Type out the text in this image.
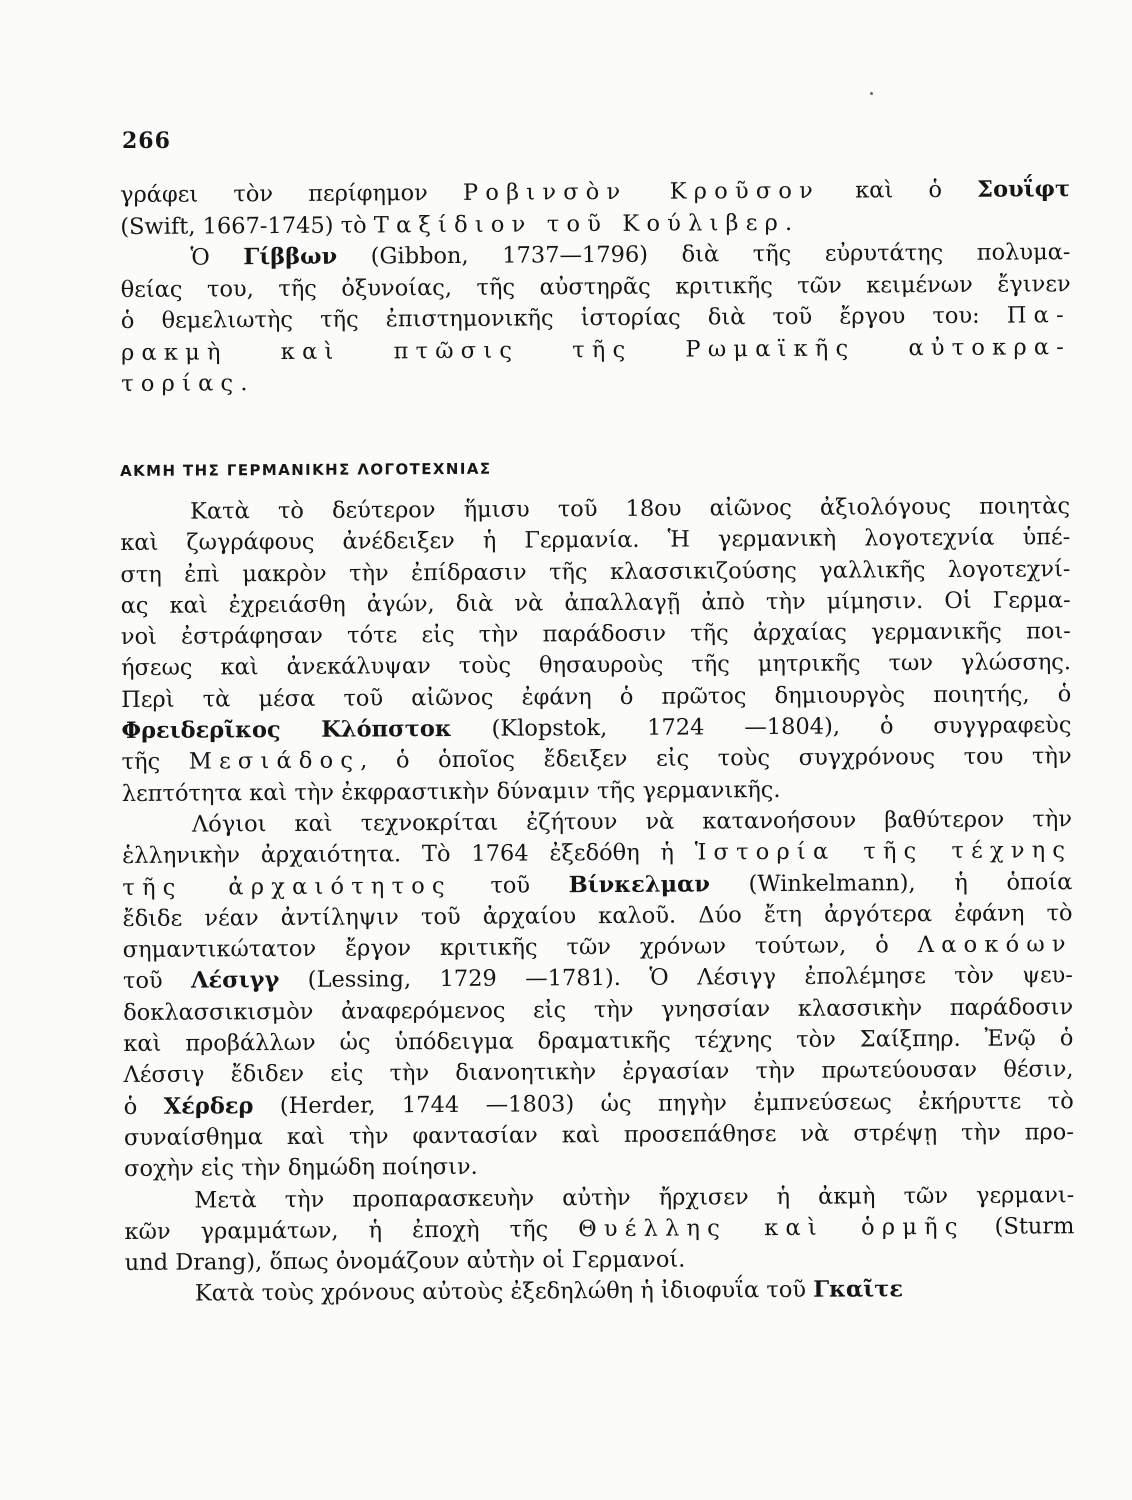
266
γράφει τὸν περίφημον Ροβινσὸν Κροῦσον καὶ ὁ Σουΐφτ
(Swift, 1667-1745) τὸ Ταξίδιον τοῦ Κούλιβερ.
Ὁ Γίββων (Gibbon, 1737—1796) διὰ τῆς εὐρυτάτης πολυμα-
θείας του, τῆς ὀξυνοίας, τῆς αὐστηρᾶς κριτικῆς τῶν κειμένων ἔγινεν
ὁ θεμελιωτὴς τῆς ἐπιστημονικῆς ἱστορίας διὰ τοῦ ἔργου του: Πα-
ρακμὴ καὶ πτῶσις τῆς Ρωμαϊκῆς αὐτοκρα-
τορίας.
ΑΚΜΗ ΤΗΣ ΓΕΡΜΑΝΙΚΗΣ ΛΟΓΟΤΕΧΝΙΑΣ
Κατὰ τὸ δεύτερον ἥμισυ τοῦ 18ου αἰῶνος ἀξιολόγους ποιητὰς
καὶ ζωγράφους ἀνέδειξεν ἡ Γερμανία. Ἡ γερμανικὴ λογοτεχνία ὑπέ-
στη ἐπὶ μακρὸν τὴν ἐπίδρασιν τῆς κλασσικιζούσης γαλλικῆς λογοτεχνί-
ας καὶ ἐχρειάσθη ἀγών, διὰ νὰ ἀπαλλαγῇ ἀπὸ τὴν μίμησιν. Οἱ Γερμα-
νοὶ ἐστράφησαν τότε εἰς τὴν παράδοσιν τῆς ἀρχαίας γερμανικῆς ποι-
ήσεως καὶ ἀνεκάλυψαν τοὺς θησαυροὺς τῆς μητρικῆς των γλώσσης.
Περὶ τὰ μέσα τοῦ αἰῶνος ἐφάνη ὁ πρῶτος δημιουργὸς ποιητής, ὁ
Φρειδερῖκος Κλόπστοκ (Klopstok, 1724 —1804), ὁ συγγραφεὺς
τῆς Μεσιάδος, ὁ ὁποῖος ἔδειξεν εἰς τοὺς συγχρόνους του τὴν
λεπτότητα καὶ τὴν ἐκφραστικὴν δύναμιν τῆς γερμανικῆς.
Λόγιοι καὶ τεχνοκρίται ἐζήτουν νὰ κατανοήσουν βαθύτερον τὴν
ἑλληνικὴν ἀρχαιότητα. Τὸ 1764 ἐξεδόθη ἡ Ἱστορία τῆς τέχνης
τῆς ἀρχαιότητος τοῦ Βίνκελμαν (Winkelmann), ἡ ὁποία
ἔδιδε νέαν ἀντίληψιν τοῦ ἀρχαίου καλοῦ. Δύο ἔτη ἀργότερα ἐφάνη τὸ
σημαντικώτατον ἔργον κριτικῆς τῶν χρόνων τούτων, ὁ Λαοκόων
τοῦ Λέσιγγ (Lessing, 1729 —1781). Ὁ Λέσιγγ ἐπολέμησε τὸν ψευ-
δοκλασσικισμὸν ἀναφερόμενος εἰς τὴν γνησσίαν κλασσικὴν παράδοσιν
καὶ προβάλλων ὡς ὑπόδειγμα δραματικῆς τέχνης τὸν Σαίξπηρ. Ἐνῷ ὁ
Λέσσιγ ἔδιδεν εἰς τὴν διανοητικὴν ἐργασίαν τὴν πρωτεύουσαν θέσιν,
ὁ Χέρδερ (Herder, 1744 —1803) ὡς πηγὴν ἐμπνεύσεως ἐκήρυττε τὸ
συναίσθημα καὶ τὴν φαντασίαν καὶ προσεπάθησε νὰ στρέψῃ τὴν προ-
σοχὴν εἰς τὴν δημώδη ποίησιν.
Μετὰ τὴν προπαρασκευὴν αὐτὴν ἤρχισεν ἡ ἀκμὴ τῶν γερμανι-
κῶν γραμμάτων, ἡ ἐποχὴ τῆς Θυέλλης καὶ ὁρμῆς (Sturm
und Drang), ὅπως ὀνομάζουν αὐτὴν οἱ Γερμανοί.
Κατὰ τοὺς χρόνους αὐτοὺς ἐξεδηλώθη ἡ ἰδιοφυΐα τοῦ Γκαῖτε
